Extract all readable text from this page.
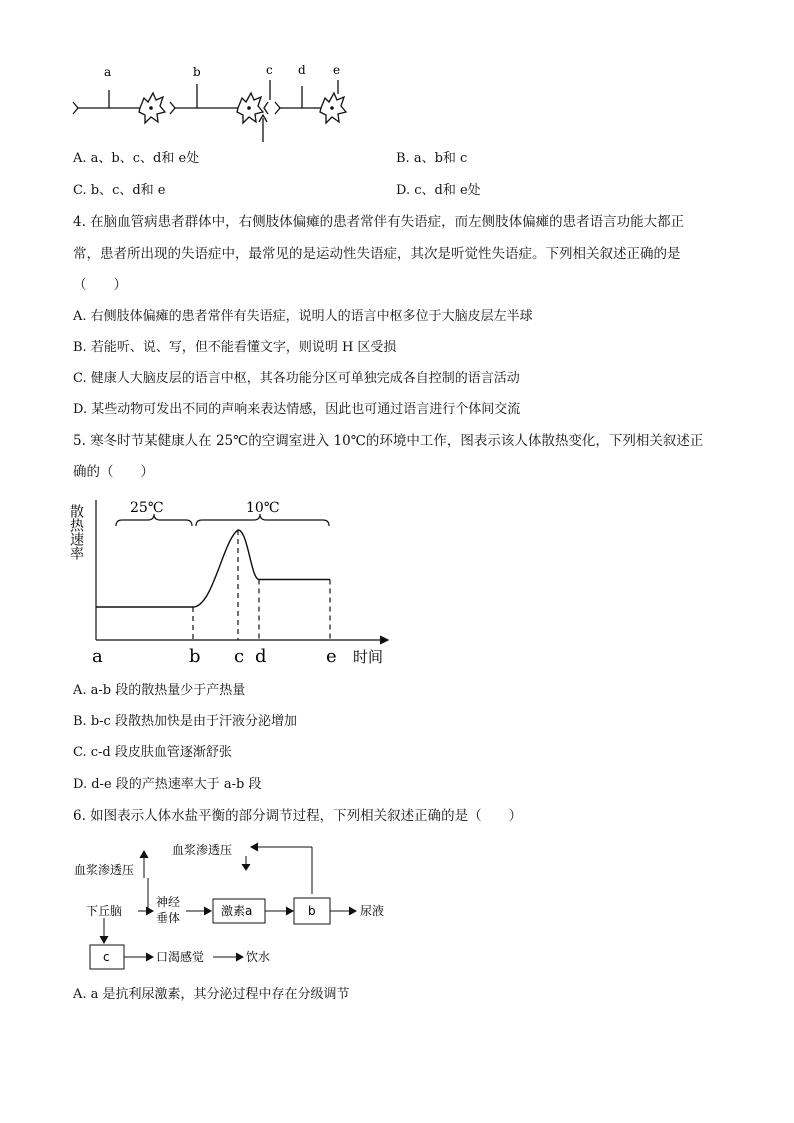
a	b	c d e
A. a、b、c、d和 e处	B. a、b和 c
C. b、c、d和 e	D. c、d和 e处
4. 在脑血管病患者群体中，右侧肢体偏瘫的患者常伴有失语症，而左侧肢体偏瘫的患者语言功能大都正
常，患者所出现的失语症中，最常见的是运动性失语症，其次是听觉性失语症。下列相关叙述正确的是
（　　）
A. 右侧肢体偏瘫的患者常伴有失语症，说明人的语言中枢多位于大脑皮层左半球
B. 若能听、说、写，但不能看懂文字，则说明 H 区受损
C. 健康人大脑皮层的语言中枢，其各功能分区可单独完成各自控制的语言活动
D. 某些动物可发出不同的声响来表达情感，因此也可通过语言进行个体间交流
5. 寒冬时节某健康人在 25℃的空调室进入 10℃的环境中工作，图表示该人体散热变化，下列相关叙述正
确的（　　）
a	b c d	e
25℃	10℃
散热速率
时间
A. a-b 段的散热量少于产热量
B. b-c 段散热加快是由于汗液分泌增加
C. c-d 段皮肤血管逐渐舒张
D. d-e 段的产热速率大于 a-b 段
6. 如图表示人体水盐平衡的部分调节过程，下列相关叙述正确的是（　　）
血浆渗透压
血浆渗透压
下丘脑
神经
垂体	激素a	b	尿液
c	口渴感觉	饮水
A. a 是抗利尿激素，其分泌过程中存在分级调节
